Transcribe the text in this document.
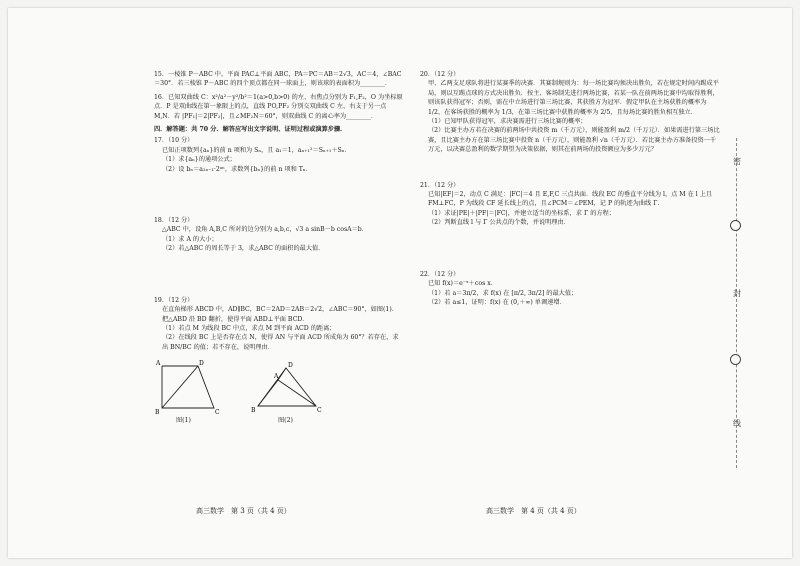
15．一棱锥 P－ABC 中，平面 PAC⊥平面 ABC，PA＝PC＝AB＝2√3，AC＝4，∠BAC＝30°．若三棱锥 P－ABC 的四个顶点都在同一球面上，则该球的表面积为________．

16．已知双曲线 C：x²/a²－y²/b²＝1(a>0,b>0) 的左、右焦点分别为 F₁,F₂，O 为坐标原点．P 是双曲线在第一象限上的点，直线 PO,PF₂ 分别交双曲线 C 左、右支于另一点 M,N．若 |PF₁|＝2|PF₂|，且∠MF₂N＝60°，则双曲线 C 的离心率为________．

四．解答题：共 70 分．解答应写出文字说明、证明过程或演算步骤．

17．（10 分）

已知正项数列{aₙ}的前 n 项和为 Sₙ，且 a₁＝1，aₙ₊₁²＝Sₙ₊₁＋Sₙ．

（1）求{aₙ}的通项公式；

（2）设 bₙ＝a₂ₙ₋₁·2ᵃⁿ，求数列{bₙ}的前 n 项和 Tₙ．

18．（12 分）

△ABC 中，设角 A,B,C 所对的边分别为 a,b,c，√3 a sinB－b cosA＝b．

（1）求 A 的大小；

（2）若△ABC 的周长等于 3，求△ABC 的面积的最大值．

19．（12 分）

在直角梯形 ABCD 中，AD∥BC，BC＝2AD＝2AB＝2√2，∠ABC＝90°，如图(1)．把△ABD 沿 BD 翻折，使得平面 ABD⊥平面 BCD．

（1）若点 M 为线段 BC 中点，求点 M 到平面 ACD 的距离；

（2）在线段 BC 上是否存在点 N，使得 AN 与平面 ACD 所成角为 60°？若存在，求出 BN/BC 的值；若不存在，说明理由．

A	D
B	C
A
D
B	C
图(1)	图(2)

20．（12 分）

甲、乙两支足球队将进行某赛季的决赛．其赛制规则为：每一场比赛均须决出胜负，若在规定时间内踢成平局，则以互踢点球的方式决出胜负．按主、客场制先进行两场比赛，若某一队在前两场比赛中均取得胜利，则该队获得冠军；否则，需在中立场进行第三场比赛，其获胜方为冠军．假定甲队在主场获胜的概率为 1/2，在客场获胜的概率为 1/3，在第三场比赛中获胜的概率为 2/5，且每场比赛的胜负相互独立．

（1）已知甲队获得冠军，求决赛需进行三场比赛的概率；

（2）比赛主办方若在决赛的前两场中共投资 m（千万元），则能盈利 m/2（千万元）．如果需进行第三场比赛，且比赛主办方在第三场比赛中投资 n（千万元），则能盈利 √n（千万元）．若比赛主办方准备投资一千万元，以决赛总盈利的数学期望为决策依据，则其在前两场的投资额应为多少万元？

21．（12 分）

已知|EF|＝2，动点 C 满足：|FC|＝4 且 E,F,C 三点共面．线段 EC 的垂直平分线为 l，点 M 在 l 上且 FM⊥FC，P 为线段 CF 延长线上的点，且∠PCM＝∠PEM，记 P 的轨迹为曲线 Γ．

（1）求证|PE|＋|PF|＝|FC|，并建立适当的坐标系，求 Γ 的方程；

（2）判断直线 l 与 Γ 公共点的个数，并说明理由．

22．（12 分）

已知 f(x)＝e⁻ˣ＋cos x．

（1）若 a＝3π/2，求 f(x) 在 [π/2, 3π/2] 的最大值；

（2）若 a≤1，证明：f(x) 在 (0,＋∞) 单调递增．

高三数学　第 3 页（共 4 页）	高三数学　第 4 页（共 4 页）
密
封
线
